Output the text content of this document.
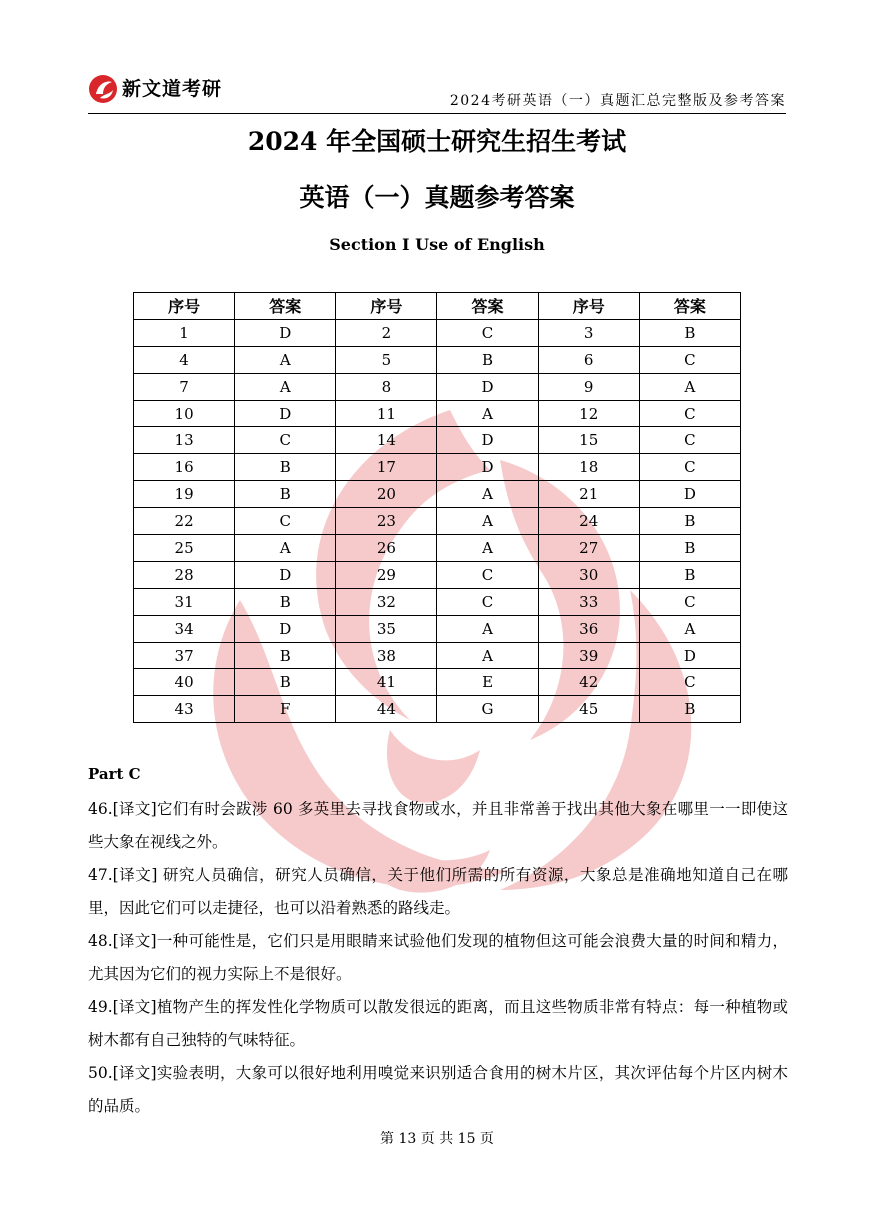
新文道考研
2024考研英语（一）真题汇总完整版及参考答案
2024 年全国硕士研究生招生考试
英语（一）真题参考答案
Section I Use of English
序号	答案	序号	答案	序号	答案
1	D	2	C	3	B
4	A	5	B	6	C
7	A	8	D	9	A
10	D	11	A	12	C
13	C	14	D	15	C
16	B	17	D	18	C
19	B	20	A	21	D
22	C	23	A	24	B
25	A	26	A	27	B
28	D	29	C	30	B
31	B	32	C	33	C
34	D	35	A	36	A
37	B	38	A	39	D
40	B	41	E	42	C
43	F	44	G	45	B
Part C
46.[译文]它们有时会跋涉 60 多英里去寻找食物或水，并且非常善于找出其他大象在哪里一一即使这些大象在视线之外。
47.[译文] 研究人员确信，研究人员确信，关于他们所需的所有资源，大象总是准确地知道自己在哪里，因此它们可以走捷径，也可以沿着熟悉的路线走。
48.[译文]一种可能性是，它们只是用眼睛来试验他们发现的植物但这可能会浪费大量的时间和精力，尤其因为它们的视力实际上不是很好。
49.[译文]植物产生的挥发性化学物质可以散发很远的距离，而且这些物质非常有特点：每一种植物或树木都有自己独特的气味特征。
50.[译文]实验表明，大象可以很好地利用嗅觉来识别适合食用的树木片区，其次评估每个片区内树木的品质。
第 13 页 共 15 页
